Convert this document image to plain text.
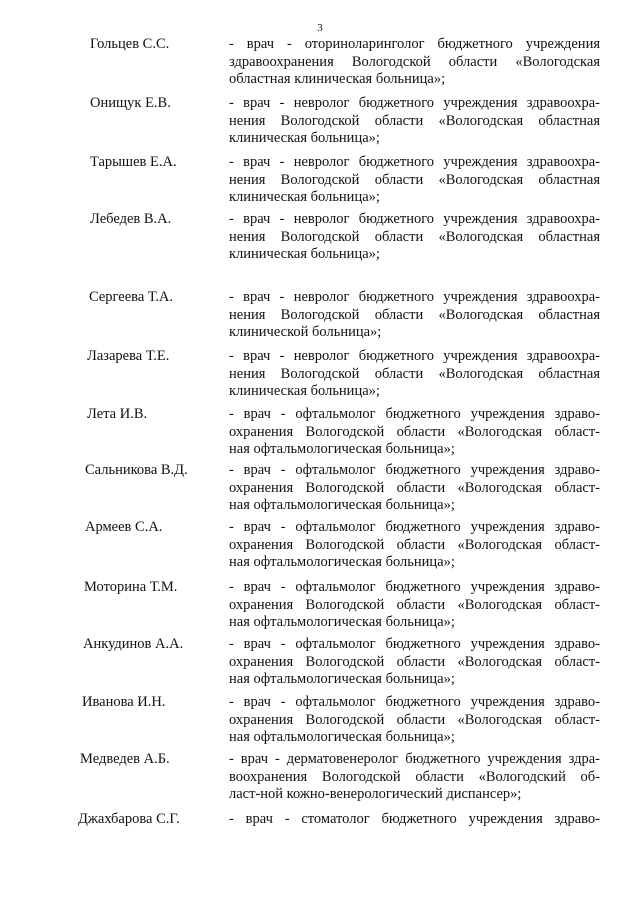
3
Гольцев С.С.	- врач - оториноларинголог бюджетного учреждения
здравоохранения Вологодской области «Вологодская
областная клиническая больница»;
Онищук Е.В.	- врач - невролог бюджетного учреждения здравоохра-
нения Вологодской области «Вологодская областная
клиническая больница»;
Тарышев Е.А.	- врач - невролог бюджетного учреждения здравоохра-
нения Вологодской области «Вологодская областная
клиническая больница»;
Лебедев В.А.	- врач - невролог бюджетного учреждения здравоохра-
нения Вологодской области «Вологодская областная
клиническая больница»;
Сергеева Т.А.	- врач - невролог бюджетного учреждения здравоохра-
нения Вологодской области «Вологодская областная
клинической больница»;
Лазарева Т.Е.	- врач - невролог бюджетного учреждения здравоохра-
нения Вологодской области «Вологодская областная
клиническая больница»;
Лета И.В.	- врач - офтальмолог бюджетного учреждения здраво-
охранения Вологодской области «Вологодская област-
ная офтальмологическая больница»;
Сальникова В.Д.	- врач - офтальмолог бюджетного учреждения здраво-
охранения Вологодской области «Вологодская област-
ная офтальмологическая больница»;
Армеев С.А.	- врач - офтальмолог бюджетного учреждения здраво-
охранения Вологодской области «Вологодская област-
ная офтальмологическая больница»;
Моторина Т.М.	- врач - офтальмолог бюджетного учреждения здраво-
охранения Вологодской области «Вологодская област-
ная офтальмологическая больница»;
Анкудинов А.А.	- врач - офтальмолог бюджетного учреждения здраво-
охранения Вологодской области «Вологодская област-
ная офтальмологическая больница»;
Иванова И.Н.	- врач - офтальмолог бюджетного учреждения здраво-
охранения Вологодской области «Вологодская област-
ная офтальмологическая больница»;
Медведев А.Б.	- врач - дерматовенеролог бюджетного учреждения здра-
воохранения Вологодской области «Вологодский об-
ласт-ной кожно-венерологический диспансер»;
Джахбарова С.Г.	- врач - стоматолог бюджетного учреждения здраво-
